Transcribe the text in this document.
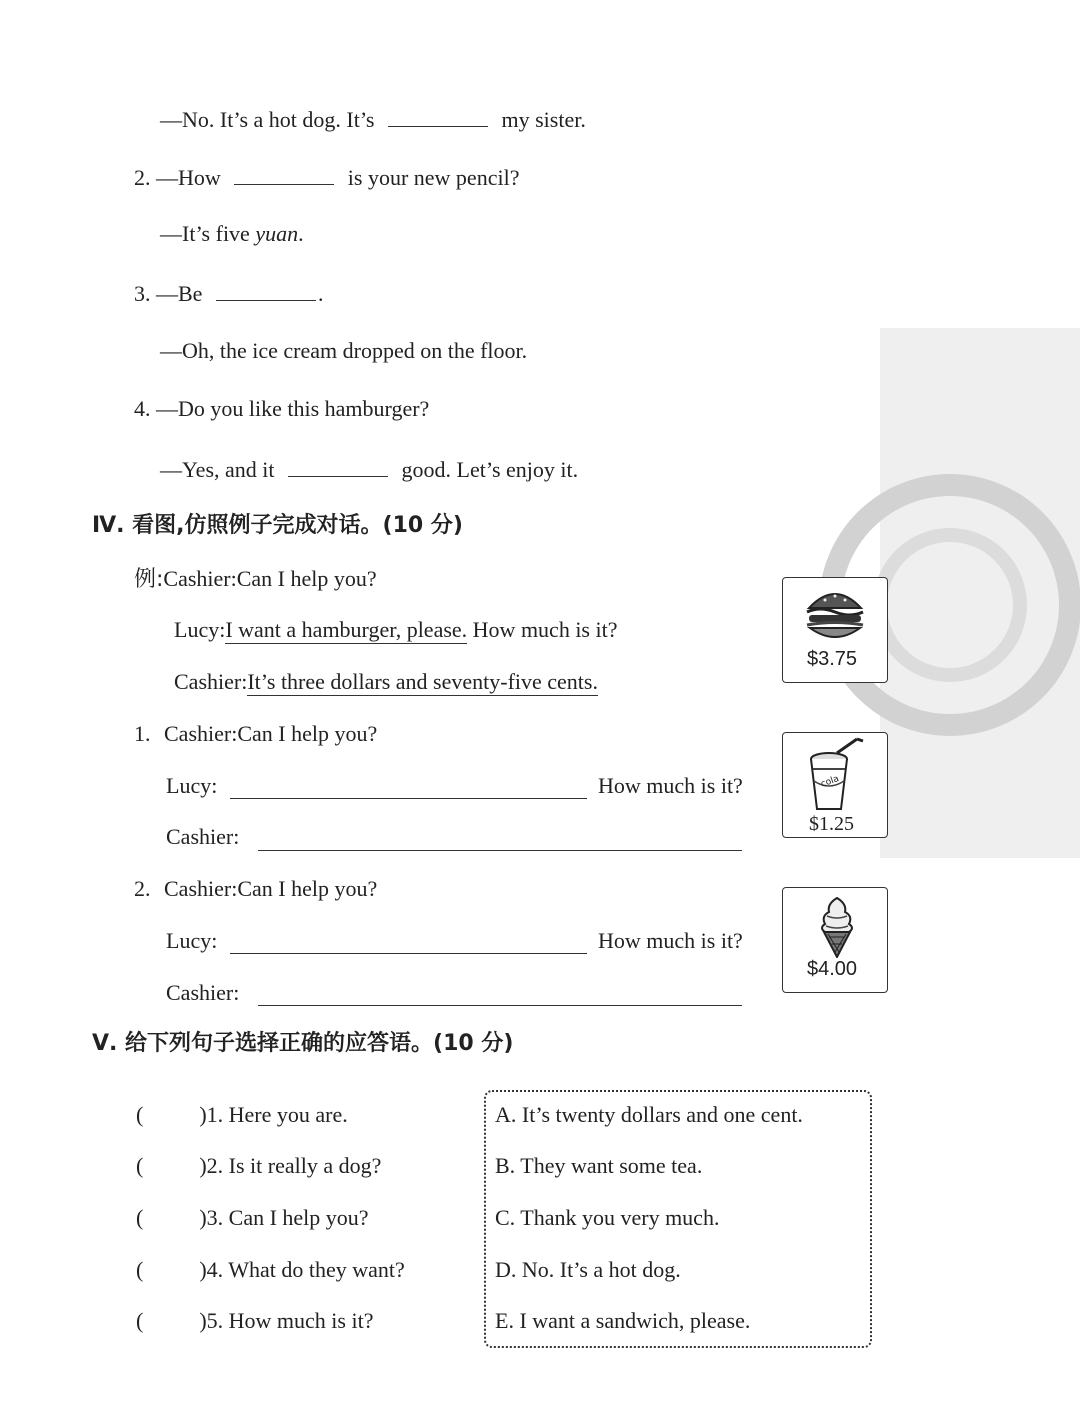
—No. It’s a hot dog. It’s	my sister.
2. —How	is your new pencil?
—It’s five yuan.
3. —Be	.
—Oh, the ice cream dropped on the floor.
4. —Do you like this hamburger?
—Yes, and it	good. Let’s enjoy it.
Ⅳ. 看图,仿照例子完成对话。(10 分)
例:Cashier:Can I help you?
Lucy:I want a hamburger, please. How much is it?
Cashier:It’s three dollars and seventy-five cents.
$3.75
1. Cashier:Can I help you?
Lucy:	How much is it?
Cashier:
cola
$1.25
2. Cashier:Can I help you?
Lucy:	How much is it?
Cashier:
$4.00
Ⅴ. 给下列句子选择正确的应答语。(10 分)
(	)1. Here you are.
(	)2. Is it really a dog?
(	)3. Can I help you?
(	)4. What do they want?
(	)5. How much is it?
A. It’s twenty dollars and one cent.
B. They want some tea.
C. Thank you very much.
D. No. It’s a hot dog.
E. I want a sandwich, please.
